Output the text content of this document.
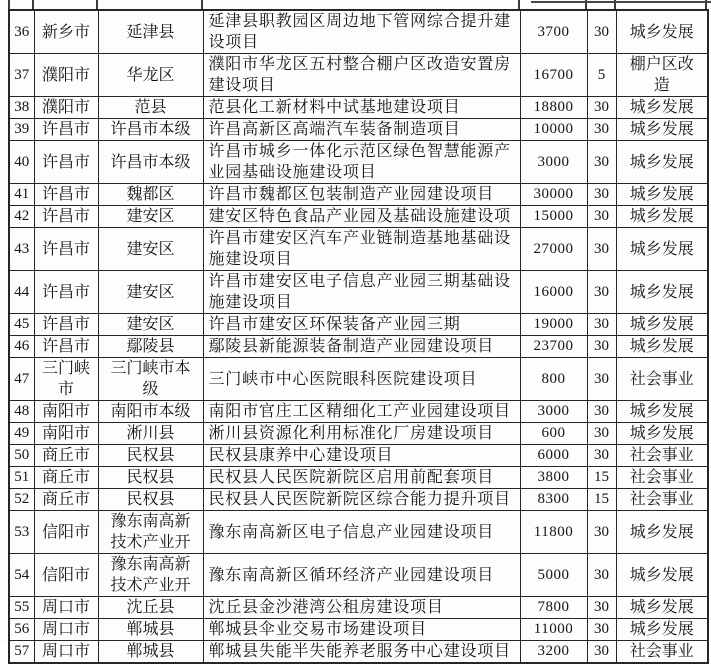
36	新乡市	延津县	延津县职教园区周边地下管网综合提升建设项目	3700	30	城乡发展
37	濮阳市	华龙区	濮阳市华龙区五村整合棚户区改造安置房建设项目	16700	5	棚户区改造
38	濮阳市	范县	范县化工新材料中试基地建设项目	18800	30	城乡发展
39	许昌市	许昌市本级	许昌高新区高端汽车装备制造项目	10000	30	城乡发展
40	许昌市	许昌市本级	许昌市城乡一体化示范区绿色智慧能源产业园基础设施建设项目	3000	30	城乡发展
41	许昌市	魏都区	许昌市魏都区包装制造产业园建设项目	30000	30	城乡发展
42	许昌市	建安区	建安区特色食品产业园及基础设施建设项	15000	30	城乡发展
43	许昌市	建安区	许昌市建安区汽车产业链制造基地基础设施建设项目	27000	30	城乡发展
44	许昌市	建安区	许昌市建安区电子信息产业园三期基础设施建设项目	16000	30	城乡发展
45	许昌市	建安区	许昌市建安区环保装备产业园三期	19000	30	城乡发展
46	许昌市	鄢陵县	鄢陵县新能源装备制造产业园建设项目	23700	30	城乡发展
47	三门峡市	三门峡市本级	三门峡市中心医院眼科医院建设项目	800	30	社会事业
48	南阳市	南阳市本级	南阳市官庄工区精细化工产业园建设项目	3000	30	城乡发展
49	南阳市	淅川县	淅川县资源化利用标准化厂房建设项目	600	30	城乡发展
50	商丘市	民权县	民权县康养中心建设项目	6000	30	社会事业
51	商丘市	民权县	民权县人民医院新院区启用前配套项目	3800	15	社会事业
52	商丘市	民权县	民权县人民医院新院区综合能力提升项目	8300	15	社会事业
53	信阳市	豫东南高新技术产业开	豫东南高新区电子信息产业园建设项目	11800	30	城乡发展
54	信阳市	豫东南高新技术产业开	豫东南高新区循环经济产业园建设项目	5000	30	城乡发展
55	周口市	沈丘县	沈丘县金沙港湾公租房建设项目	7800	30	城乡发展
56	周口市	郸城县	郸城县伞业交易市场建设项目	11000	30	城乡发展
57	周口市	郸城县	郸城县失能半失能养老服务中心建设项目	3200	30	社会事业
